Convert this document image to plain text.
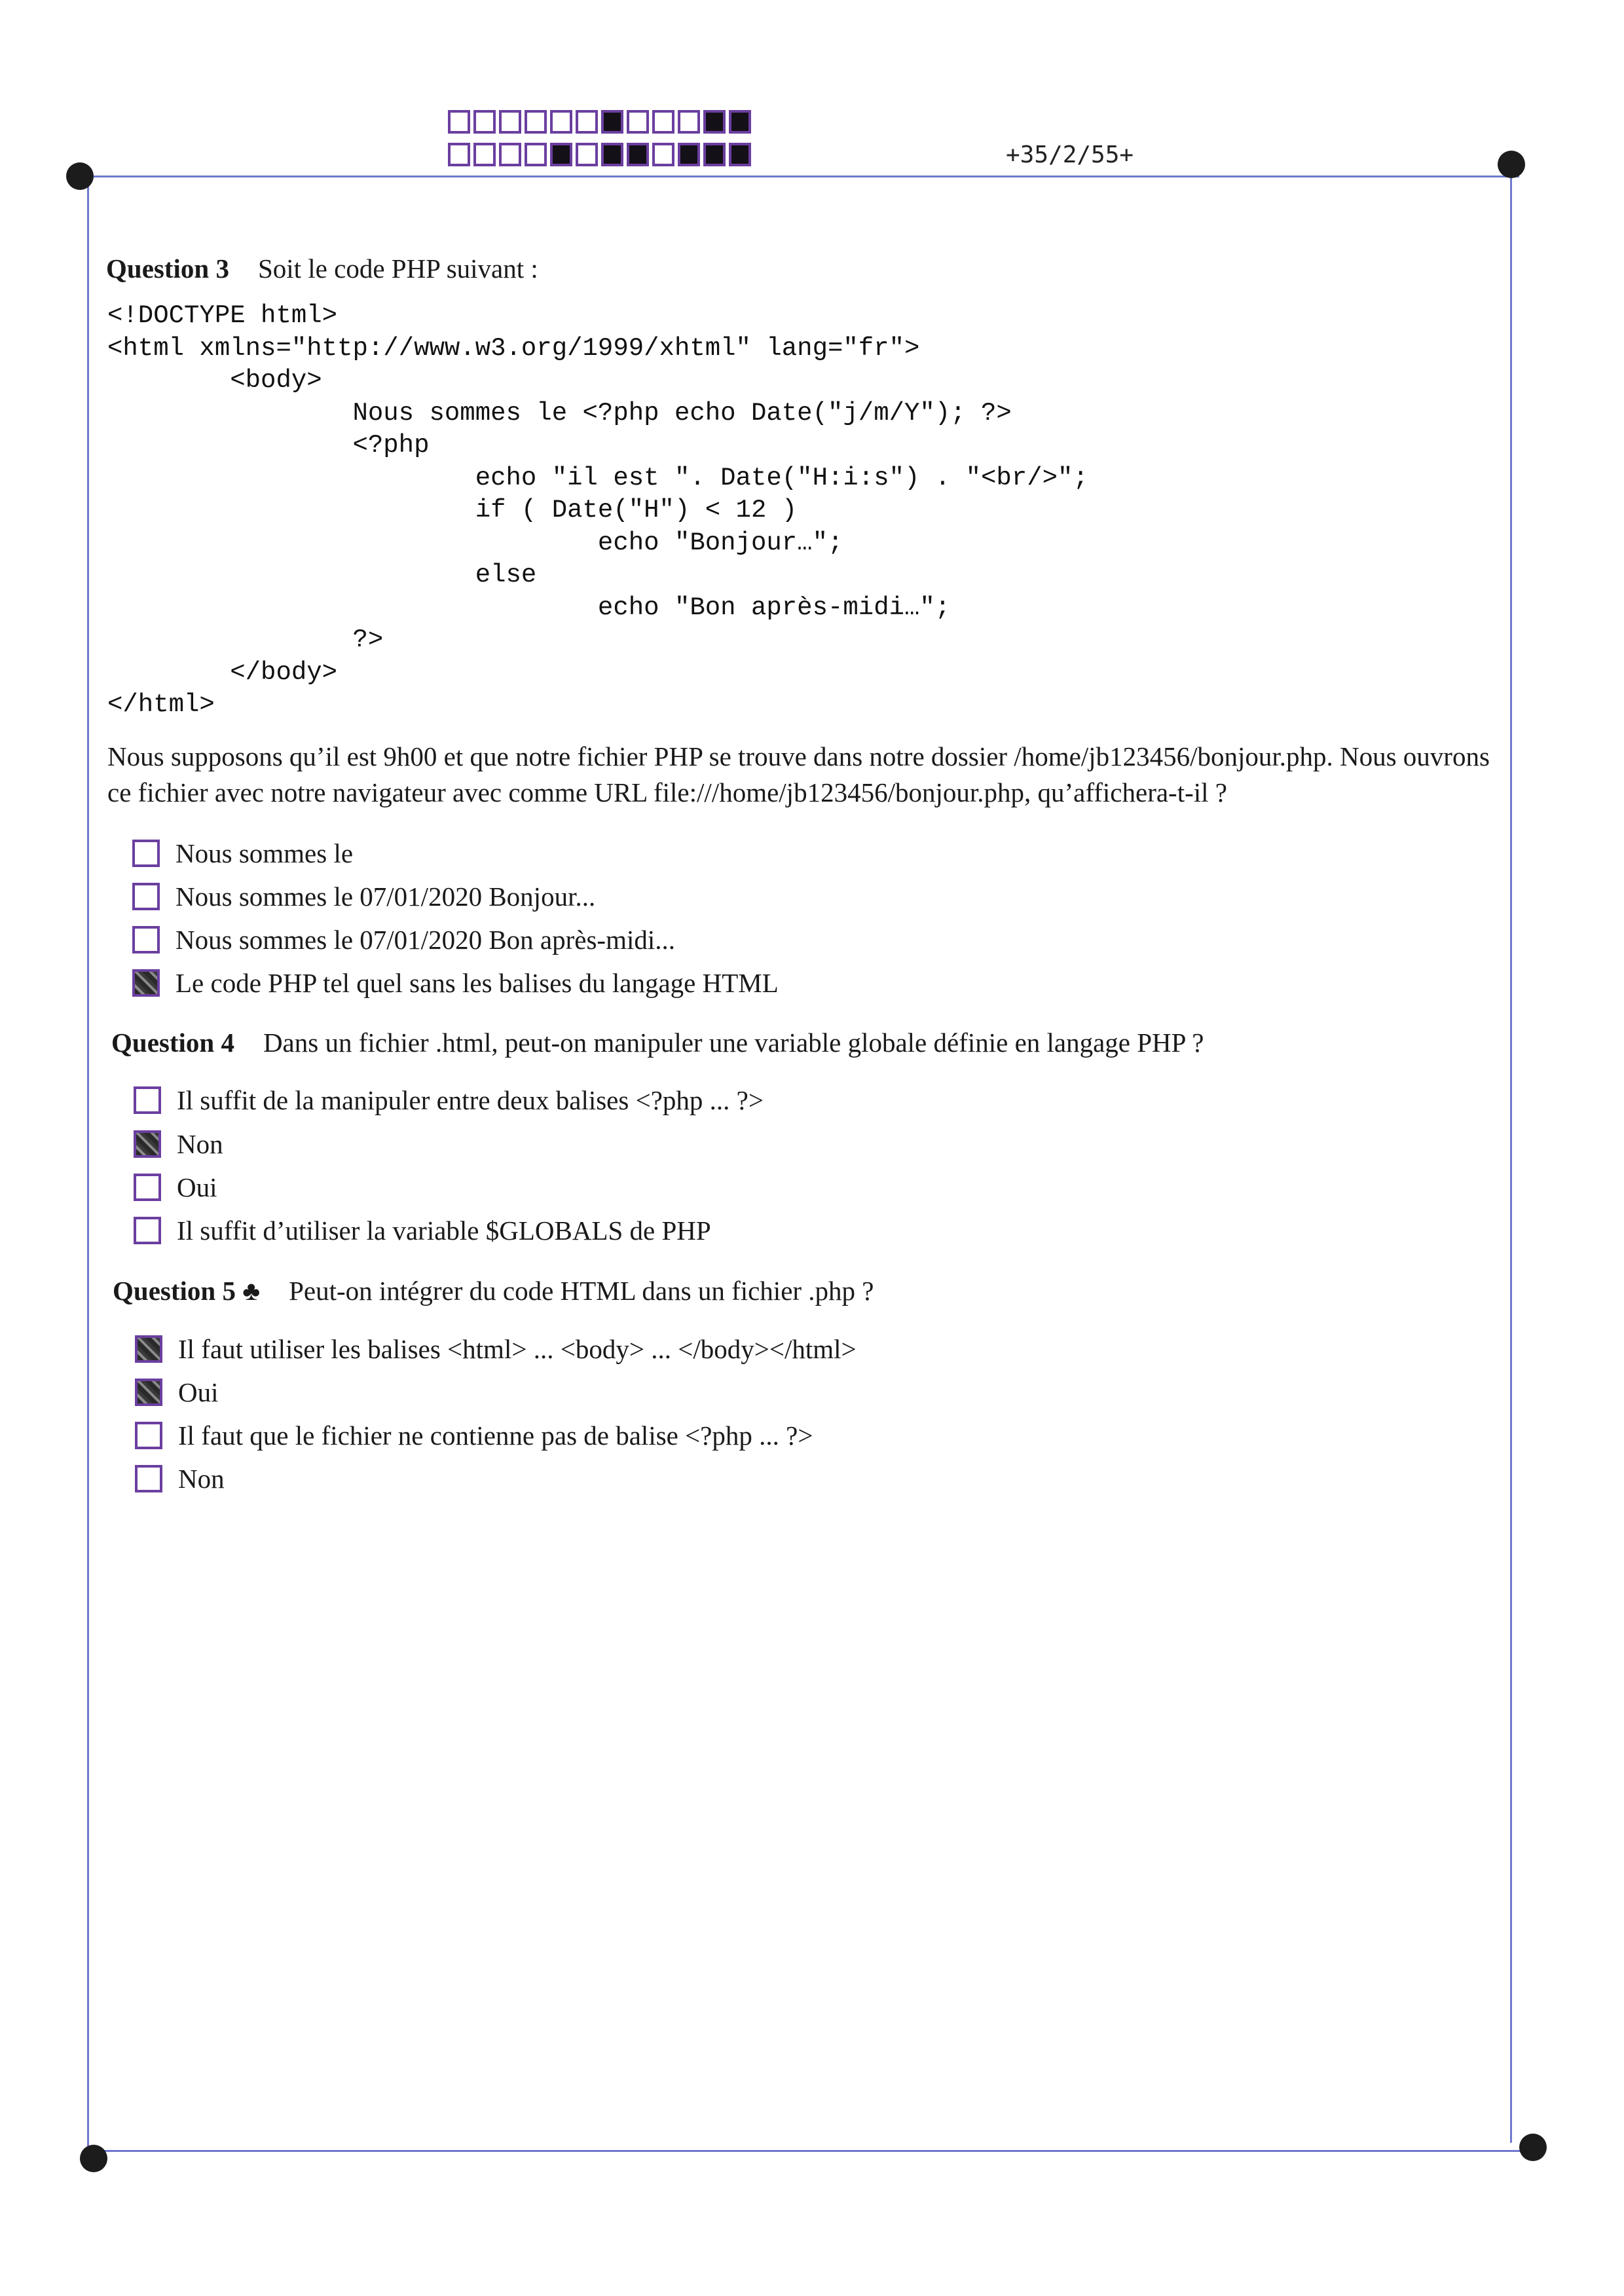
+35/2/55+
Question 3 Soit le code PHP suivant :
<!DOCTYPE html>
<html xmlns="http://www.w3.org/1999/xhtml" lang="fr">
<body>
Nous sommes le <?php echo Date("j/m/Y"); ?>
<?php
echo "il est ". Date("H:i:s") . "<br/>";
if ( Date("H") < 12 )
echo "Bonjour…";
else
echo "Bon après-midi…";
?>
</body>
</html>
Nous supposons qu’il est 9h00 et que notre fichier PHP se trouve dans notre dossier /home/jb123456/bonjour.php. Nous ouvrons ce fichier avec notre navigateur avec comme URL file:///home/jb123456/bonjour.php, qu’affichera-t-il ?
Nous sommes le
Nous sommes le 07/01/2020 Bonjour...
Nous sommes le 07/01/2020 Bon après-midi...
Le code PHP tel quel sans les balises du langage HTML
Question 4 Dans un fichier .html, peut-on manipuler une variable globale définie en langage PHP ?
Il suffit de la manipuler entre deux balises <?php ... ?>
Non
Oui
Il suffit d’utiliser la variable $GLOBALS de PHP
Question 5 ♣ Peut-on intégrer du code HTML dans un fichier .php ?
Il faut utiliser les balises <html> ... <body> ... </body></html>
Oui
Il faut que le fichier ne contienne pas de balise <?php ... ?>
Non
